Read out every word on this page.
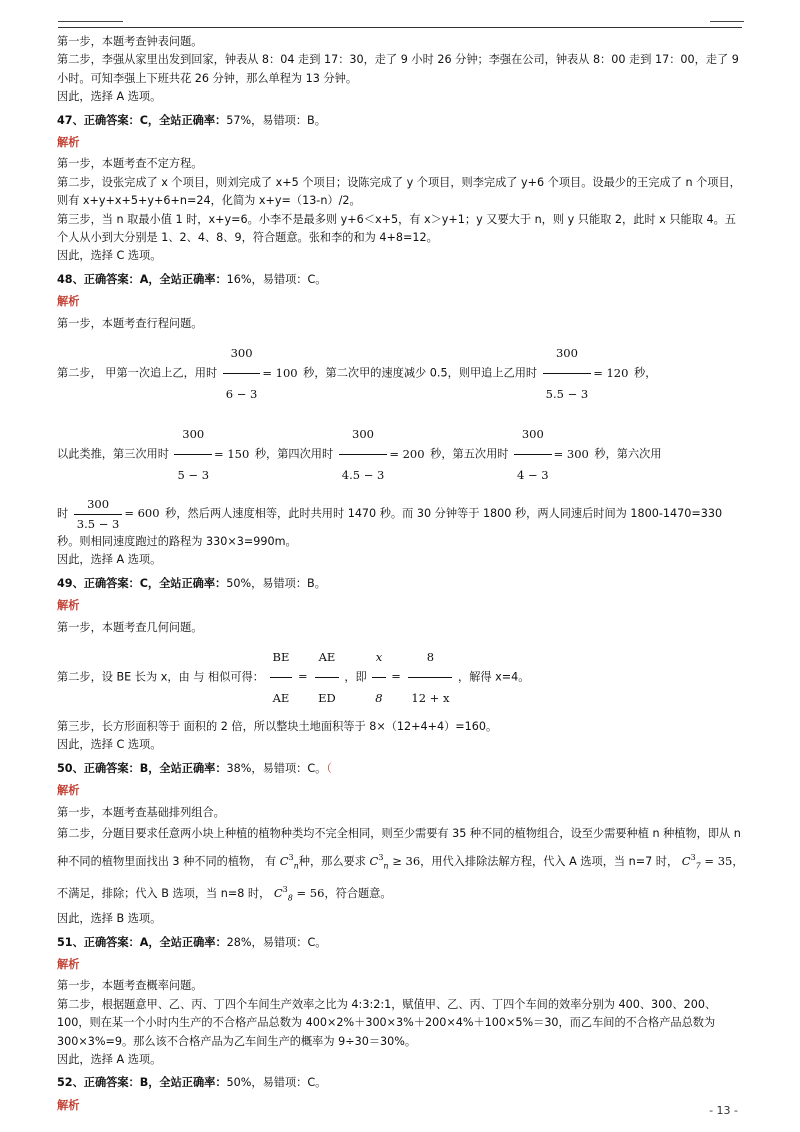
第一步，本题考查钟表问题。

第二步，李强从家里出发到回家，钟表从 8：04 走到 17：30，走了 9 小时 26 分钟；李强在公司，钟表从 8：00 走到 17：00，走了 9 小时。可知李强上下班共花 26 分钟，那么单程为 13 分钟。

因此，选择 A 选项。

47、正确答案：C，全站正确率：57%，易错项：B。

解析

第一步，本题考查不定方程。

第二步，设张完成了 x 个项目，则刘完成了 x+5 个项目；设陈完成了 y 个项目，则李完成了 y+6 个项目。设最少的王完成了 n 个项目，则有 x+y+x+5+y+6+n=24，化简为 x+y=（13-n）/2。

第三步，当 n 取最小值 1 时，x+y=6。小李不是最多则 y+6＜x+5，有 x＞y+1；y 又要大于 n，则 y 只能取 2，此时 x 只能取 4。五个人从小到大分别是 1、2、4、8、9，符合题意。张和李的和为 4+8=12。

因此，选择 C 选项。

48、正确答案：A，全站正确率：16%，易错项：C。

解析

第一步，本题考查行程问题。

第二步， 甲第一次追上乙，用时 $\frac{300}{6 - 3} = 100$ 秒，第二次甲的速度减少 0.5，则甲追上乙用时 $\frac{300}{5.5 - 3} = 120$ 秒，

以此类推，第三次用时 $\frac{300}{5 - 3} = 150$ 秒，第四次用时 $\frac{300}{4.5 - 3} = 200$ 秒，第五次用时 $\frac{300}{4 - 3} = 300$ 秒，第六次用

时 $\frac{300}{3.5 - 3} = 600$ 秒，然后两人速度相等，此时共用时 1470 秒。而 30 分钟等于 1800 秒，两人同速后时间为 1800-1470=330 秒。则相同速度跑过的路程为 330×3=990m。

因此，选择 A 选项。

49、正确答案：C，全站正确率：50%，易错项：B。

解析

第一步，本题考查几何问题。

第二步，设 BE 长为 x，由 与 相似可得： $\frac{BE}{AE} = \frac{AE}{ED}$ ，即 $\frac{x}{8} = \frac{8}{12 + x}$ ，解得 x=4。

第三步，长方形面积等于 面积的 2 倍，所以整块土地面积等于 8×（12+4+4）=160。

因此，选择 C 选项。

50、正确答案：B，全站正确率：38%，易错项：C。（

解析

第一步，本题考查基础排列组合。

第二步，分题目要求任意两小块上种植的植物种类均不完全相同，则至少需要有 35 种不同的植物组合，设至少需要种植 n 种植物，即从 n 种不同的植物里面找出 3 种不同的植物， 有 $C^3_n$种，那么要求 $C^3_n \ge 36$，用代入排除法解方程，代入 A 选项，当 n=7 时， $C^3_7 = 35$，不满足，排除；代入 B 选项，当 n=8 时， $C^3_8 = 56$，符合题意。

因此，选择 B 选项。

51、正确答案：A，全站正确率：28%，易错项：C。

解析

第一步，本题考查概率问题。

第二步，根据题意甲、乙、丙、丁四个车间生产效率之比为 4:3:2:1，赋值甲、乙、丙、丁四个车间的效率分别为 400、300、200、100，则在某一个小时内生产的不合格产品总数为 400×2%＋300×3%＋200×4%＋100×5%＝30，而乙车间的不合格产品总数为 300×3%=9。那么该不合格产品为乙车间生产的概率为 9÷30＝30%。

因此，选择 A 选项。

52、正确答案：B，全站正确率：50%，易错项：C。

解析	- 13 -
